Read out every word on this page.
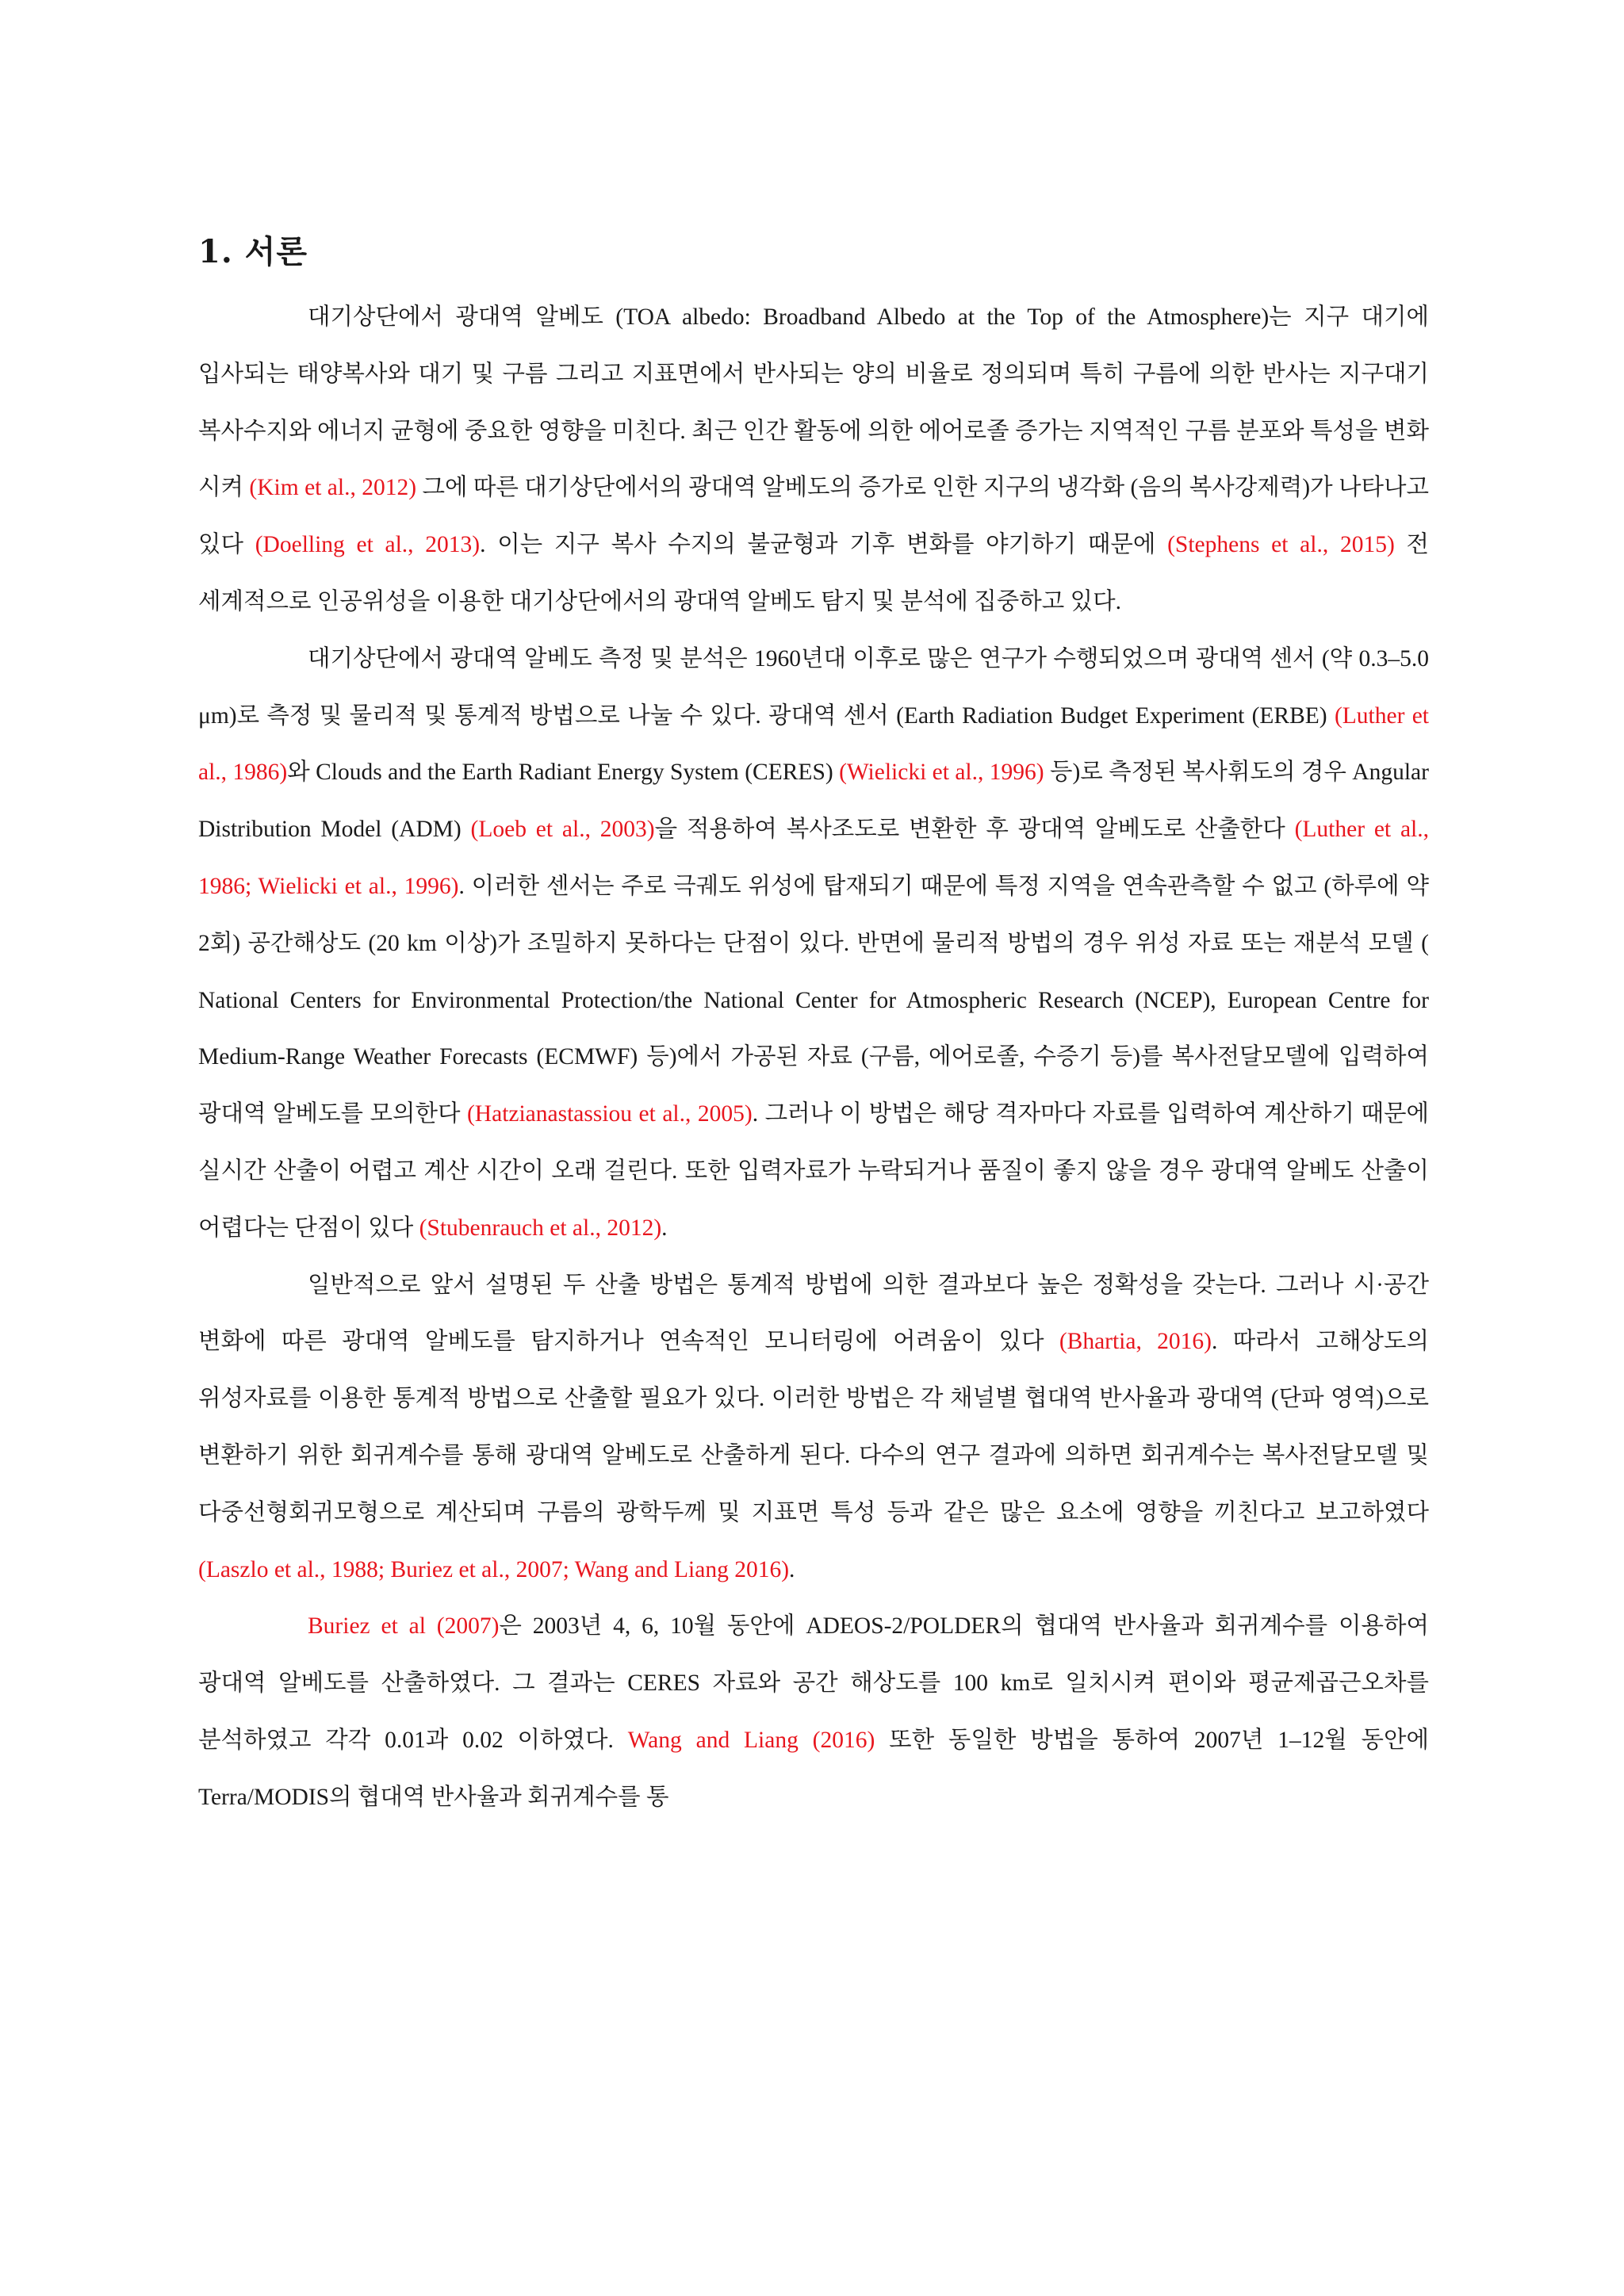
1. 서론

대기상단에서 광대역 알베도 (TOA albedo: Broadband Albedo at the Top of the Atmosphere)는 지구 대기에 입사되는 태양복사와 대기 및 구름 그리고 지표면에서 반사되는 양의 비율로 정의되며 특히 구름에 의한 반사는 지구대기 복사수지와 에너지 균형에 중요한 영향을 미친다. 최근 인간 활동에 의한 에어로졸 증가는 지역적인 구름 분포와 특성을 변화 시켜 (Kim et al., 2012) 그에 따른 대기상단에서의 광대역 알베도의 증가로 인한 지구의 냉각화 (음의 복사강제력)가 나타나고 있다 (Doelling et al., 2013). 이는 지구 복사 수지의 불균형과 기후 변화를 야기하기 때문에 (Stephens et al., 2015) 전 세계적으로 인공위성을 이용한 대기상단에서의 광대역 알베도 탐지 및 분석에 집중하고 있다.

대기상단에서 광대역 알베도 측정 및 분석은 1960년대 이후로 많은 연구가 수행되었으며 광대역 센서 (약 0.3–5.0 μm)로 측정 및 물리적 및 통계적 방법으로 나눌 수 있다. 광대역 센서 (Earth Radiation Budget Experiment (ERBE) (Luther et al., 1986)와 Clouds and the Earth Radiant Energy System (CERES) (Wielicki et al., 1996) 등)로 측정된 복사휘도의 경우 Angular Distribution Model (ADM) (Loeb et al., 2003)을 적용하여 복사조도로 변환한 후 광대역 알베도로 산출한다 (Luther et al., 1986; Wielicki et al., 1996). 이러한 센서는 주로 극궤도 위성에 탑재되기 때문에 특정 지역을 연속관측할 수 없고 (하루에 약 2회) 공간해상도 (20 km 이상)가 조밀하지 못하다는 단점이 있다. 반면에 물리적 방법의 경우 위성 자료 또는 재분석 모델 ( National Centers for Environmental Protection/the National Center for Atmospheric Research (NCEP), European Centre for Medium-Range Weather Forecasts (ECMWF) 등)에서 가공된 자료 (구름, 에어로졸, 수증기 등)를 복사전달모델에 입력하여 광대역 알베도를 모의한다 (Hatzianastassiou et al., 2005). 그러나 이 방법은 해당 격자마다 자료를 입력하여 계산하기 때문에 실시간 산출이 어렵고 계산 시간이 오래 걸린다. 또한 입력자료가 누락되거나 품질이 좋지 않을 경우 광대역 알베도 산출이 어렵다는 단점이 있다 (Stubenrauch et al., 2012).

일반적으로 앞서 설명된 두 산출 방법은 통계적 방법에 의한 결과보다 높은 정확성을 갖는다. 그러나 시·공간 변화에 따른 광대역 알베도를 탐지하거나 연속적인 모니터링에 어려움이 있다 (Bhartia, 2016). 따라서 고해상도의 위성자료를 이용한 통계적 방법으로 산출할 필요가 있다. 이러한 방법은 각 채널별 협대역 반사율과 광대역 (단파 영역)으로 변환하기 위한 회귀계수를 통해 광대역 알베도로 산출하게 된다. 다수의 연구 결과에 의하면 회귀계수는 복사전달모델 및 다중선형회귀모형으로 계산되며 구름의 광학두께 및 지표면 특성 등과 같은 많은 요소에 영향을 끼친다고 보고하였다 (Laszlo et al., 1988; Buriez et al., 2007; Wang and Liang 2016).

Buriez et al (2007)은 2003년 4, 6, 10월 동안에 ADEOS-2/POLDER의 협대역 반사율과 회귀계수를 이용하여 광대역 알베도를 산출하였다. 그 결과는 CERES 자료와 공간 해상도를 100 km로 일치시켜 편이와 평균제곱근오차를 분석하였고 각각 0.01과 0.02 이하였다. Wang and Liang (2016) 또한 동일한 방법을 통하여 2007년 1–12월 동안에 Terra/MODIS의 협대역 반사율과 회귀계수를 통
